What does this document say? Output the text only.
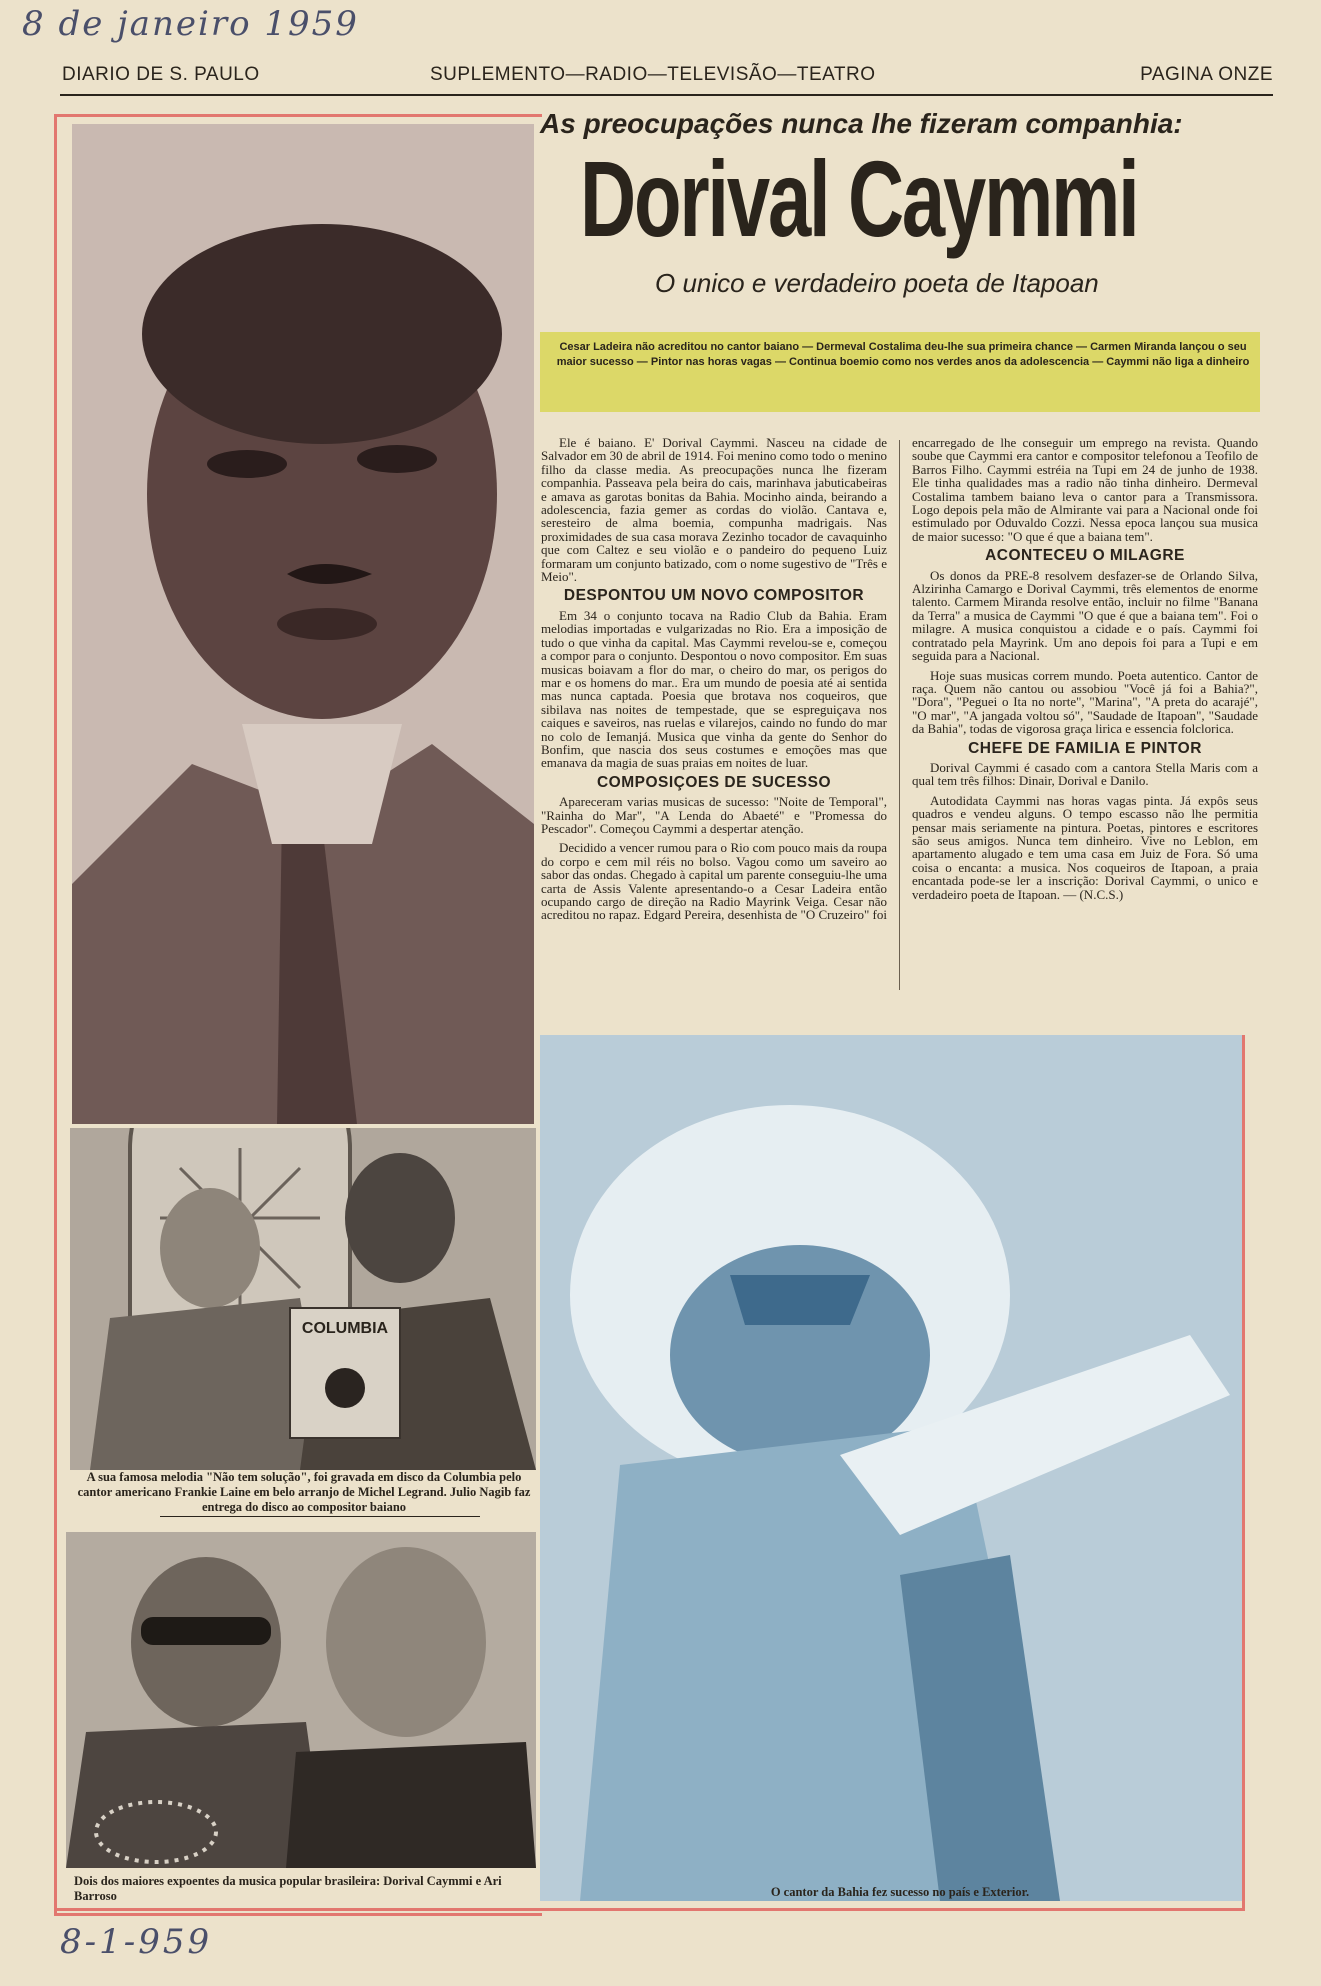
8 de janeiro 1959
DIARIO DE S. PAULO	SUPLEMENTO—RADIO—TELEVISÃO—TEATRO	PAGINA ONZE
COLUMBIA
A sua famosa melodia "Não tem solução", foi gravada em disco da Columbia pelo cantor americano Frankie Laine em belo arranjo de Michel Legrand. Julio Nagib faz entrega do disco ao compositor baiano
Dois dos maiores expoentes da musica popular brasileira: Dorival Caymmi e Ari Barroso	O cantor da Bahia fez sucesso no país e Exterior.
As preocupações nunca lhe fizeram companhia:
Dorival Caymmi
O unico e verdadeiro poeta de Itapoan
Cesar Ladeira não acreditou no cantor baiano — Dermeval Costalima deu-lhe sua primeira chance — Carmen Miranda lançou o seu maior sucesso — Pintor nas horas vagas — Continua boemio como nos verdes anos da adolescencia — Caymmi não liga a dinheiro

Ele é baiano. E' Dorival Caymmi. Nasceu na cidade de Salvador em 30 de abril de 1914. Foi menino como todo o menino filho da classe media. As preocupações nunca lhe fizeram companhia. Passeava pela beira do cais, marinhava jabuticabeiras e amava as garotas bonitas da Bahia. Mocinho ainda, beirando a adolescencia, fazia gemer as cordas do violão. Cantava e, seresteiro de alma boemia, compunha madrigais. Nas proximidades de sua casa morava Zezinho tocador de cavaquinho que com Caltez e seu violão e o pandeiro do pequeno Luiz formaram um conjunto batizado, com o nome sugestivo de "Três e Meio".

DESPONTOU UM NOVO COMPOSITOR

Em 34 o conjunto tocava na Radio Club da Bahia. Eram melodias importadas e vulgarizadas no Rio. Era a imposição de tudo o que vinha da capital. Mas Caymmi revelou-se e, começou a compor para o conjunto. Despontou o novo compositor. Em suas musicas boiavam a flor do mar, o cheiro do mar, os perigos do mar e os homens do mar.. Era um mundo de poesia até ai sentida mas nunca captada. Poesia que brotava nos coqueiros, que sibilava nas noites de tempestade, que se espreguiçava nos caiques e saveiros, nas ruelas e vilarejos, caindo no fundo do mar no colo de Iemanjá. Musica que vinha da gente do Senhor do Bonfim, que nascia dos seus costumes e emoções mas que emanava da magia de suas praias em noites de luar.

COMPOSIÇOES DE SUCESSO

Apareceram varias musicas de sucesso: "Noite de Temporal", "Rainha do Mar", "A Lenda do Abaeté" e "Promessa do Pescador". Começou Caymmi a despertar atenção.

Decidido a vencer rumou para o Rio com pouco mais da roupa do corpo e cem mil réis no bolso. Vagou como um saveiro ao sabor das ondas. Chegado à capital um parente conseguiu-lhe uma carta de Assis Valente apresentando-o a Cesar Ladeira então ocupando cargo de direção na Radio Mayrink Veiga. Cesar não acreditou no rapaz. Edgard Pereira, desenhista de "O Cruzeiro" foi

encarregado de lhe conseguir um emprego na revista. Quando soube que Caymmi era cantor e compositor telefonou a Teofilo de Barros Filho. Caymmi estréia na Tupi em 24 de junho de 1938. Ele tinha qualidades mas a radio não tinha dinheiro. Dermeval Costalima tambem baiano leva o cantor para a Transmissora. Logo depois pela mão de Almirante vai para a Nacional onde foi estimulado por Oduvaldo Cozzi. Nessa epoca lançou sua musica de maior sucesso: "O que é que a baiana tem".

ACONTECEU O MILAGRE

Os donos da PRE-8 resolvem desfazer-se de Orlando Silva, Alzirinha Camargo e Dorival Caymmi, três elementos de enorme talento. Carmem Miranda resolve então, incluir no filme "Banana da Terra" a musica de Caymmi "O que é que a baiana tem". Foi o milagre. A musica conquistou a cidade e o país. Caymmi foi contratado pela Mayrink. Um ano depois foi para a Tupi e em seguida para a Nacional.

Hoje suas musicas correm mundo. Poeta autentico. Cantor de raça. Quem não cantou ou assobiou "Você já foi a Bahia?", "Dora", "Peguei o Ita no norte", "Marina", "A preta do acarajé", "O mar", "A jangada voltou só", "Saudade de Itapoan", "Saudade da Bahia", todas de vigorosa graça lirica e essencia folclorica.

CHEFE DE FAMILIA E PINTOR

Dorival Caymmi é casado com a cantora Stella Maris com a qual tem três filhos: Dinair, Dorival e Danilo.

Autodidata Caymmi nas horas vagas pinta. Já expôs seus quadros e vendeu alguns. O tempo escasso não lhe permitia pensar mais seriamente na pintura. Poetas, pintores e escritores são seus amigos. Nunca tem dinheiro. Vive no Leblon, em apartamento alugado e tem uma casa em Juiz de Fora. Só uma coisa o encanta: a musica. Nos coqueiros de Itapoan, a praia encantada pode-se ler a inscrição: Dorival Caymmi, o unico e verdadeiro poeta de Itapoan. — (N.C.S.)

8-1-959
